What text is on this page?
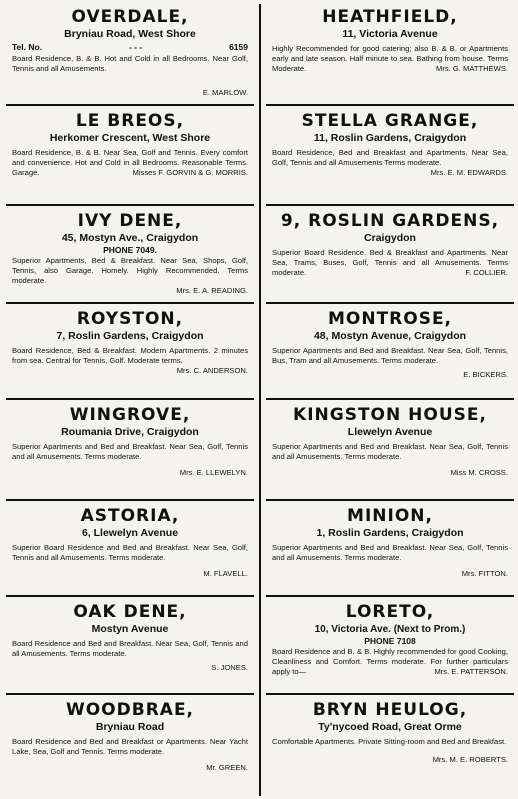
OVERDALE,
Bryniau Road, West Shore
Tel. No.	- - -	6159
E. MARLOW.
Board Residence, B. & B. Hot and Cold in all Bedrooms. Near Golf, Tennis and all Amusements.
LE BREOS,
Herkomer Crescent, West Shore
Board Residence, B. & B. Near Sea, Golf and Tennis. Every comfort and convenience. Hot and Cold in all Bedrooms. Reasonable Terms. Garage.	Misses F. GORVIN & G. MORRIS.
IVY DENE,
45, Mostyn Ave., Craigydon
PHONE 7049.
Superior Apartments, Bed & Breakfast. Near Sea, Shops, Golf, Tennis, also Garage. Homely. Highly Recommended. Terms moderate.
Mrs. E. A. READING.
ROYSTON,
7, Roslin Gardens, Craigydon
Board Residence, Bed & Breakfast. Modern Apartments. 2 minutes from sea. Central for Tennis, Golf. Moderate terms.
Mrs. C. ANDERSON.
WINGROVE,
Roumania Drive, Craigydon
Superior Apartments and Bed and Breakfast. Near Sea, Golf, Tennis and all Amusements. Terms moderate.
Mrs. E. LLEWELYN.
ASTORIA,
6, Llewelyn Avenue
Superior Board Residence and Bed and Breakfast. Near Sea, Golf, Tennis and all Amusements. Terms moderate.
M. FLAVELL.
OAK DENE,
Mostyn Avenue
Board Residence and Bed and Breakfast. Near Sea, Golf, Tennis and all Amusements. Terms moderate.
S. JONES.
WOODBRAE,
Bryniau Road
Board Residence and Bed and Breakfast or Apartments. Near Yacht Lake, Sea, Golf and Tennis. Terms moderate.
Mr. GREEN.
HEATHFIELD,
11, Victoria Avenue
Highly Recommended for good catering; also B. & B. or Apartments early and late season. Half minute to sea. Bathing from house. Terms Moderate.	Mrs. G. MATTHEWS.
STELLA GRANGE,
11, Roslin Gardens, Craigydon
Board Residence, Bed and Breakfast and Apartments. Near Sea, Golf, Tennis and all Amusements Terms moderate.
Mrs. E. M. EDWARDS.
9, ROSLIN GARDENS,
Craigydon
Superior Board Residence. Bed & Breakfast and Apartments. Near Sea, Trams, Buses, Golf, Tennis and all Amusements. Terms moderate.	F. COLLIER.
MONTROSE,
48, Mostyn Avenue, Craigydon
Superior Apartments and Bed and Breakfast. Near Sea, Golf, Tennis, Bus, Tram and all Amusements. Terms moderate.
E. BICKERS.
KINGSTON HOUSE,
Llewelyn Avenue
Superior Apartments and Bed and Breakfast. Near Sea, Golf, Tennis and all Amusements. Terms moderate.
Miss M. CROSS.
MINION,
1, Roslin Gardens, Craigydon
Superior Apartments and Bed and Breakfast. Near Sea, Golf, Tennis and all Amusements. Terms moderate.
Mrs. FITTON.
LORETO,
10, Victoria Ave. (Next to Prom.)
PHONE 7108
Board Residence and B. & B. Highly recommended for good Cooking, Cleanliness and Comfort. Terms moderate. For further particulars apply to—	Mrs. E. PATTERSON.
BRYN HEULOG,
Ty'nycoed Road, Great Orme
Comfortable Apartments. Private Sitting-room and Bed and Breakfast.
Mrs. M. E. ROBERTS.
